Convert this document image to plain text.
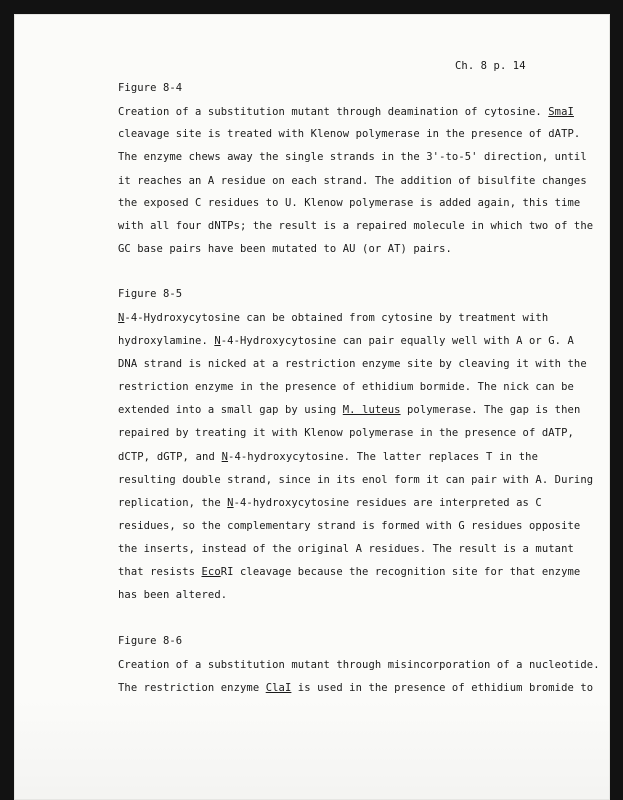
Ch. 8 p. 14
Figure 8-4
Creation of a substitution mutant through deamination of cytosine. SmaI
cleavage site is treated with Klenow polymerase in the presence of dATP.
The enzyme chews away the single strands in the 3'-to-5' direction, until
it reaches an A residue on each strand. The addition of bisulfite changes
the exposed C residues to U. Klenow polymerase is added again, this time
with all four dNTPs; the result is a repaired molecule in which two of the
GC base pairs have been mutated to AU (or AT) pairs.
Figure 8-5
N-4-Hydroxycytosine can be obtained from cytosine by treatment with
hydroxylamine. N-4-Hydroxycytosine can pair equally well with A or G. A
DNA strand is nicked at a restriction enzyme site by cleaving it with the
restriction enzyme in the presence of ethidium bormide. The nick can be
extended into a small gap by using M. luteus polymerase. The gap is then
repaired by treating it with Klenow polymerase in the presence of dATP,
dCTP, dGTP, and N-4-hydroxycytosine. The latter replaces T in the
resulting double strand, since in its enol form it can pair with A. During
replication, the N-4-hydroxycytosine residues are interpreted as C
residues, so the complementary strand is formed with G residues opposite
the inserts, instead of the original A residues. The result is a mutant
that resists EcoRI cleavage because the recognition site for that enzyme
has been altered.
Figure 8-6
Creation of a substitution mutant through misincorporation of a nucleotide.
The restriction enzyme ClaI is used in the presence of ethidium bromide to
